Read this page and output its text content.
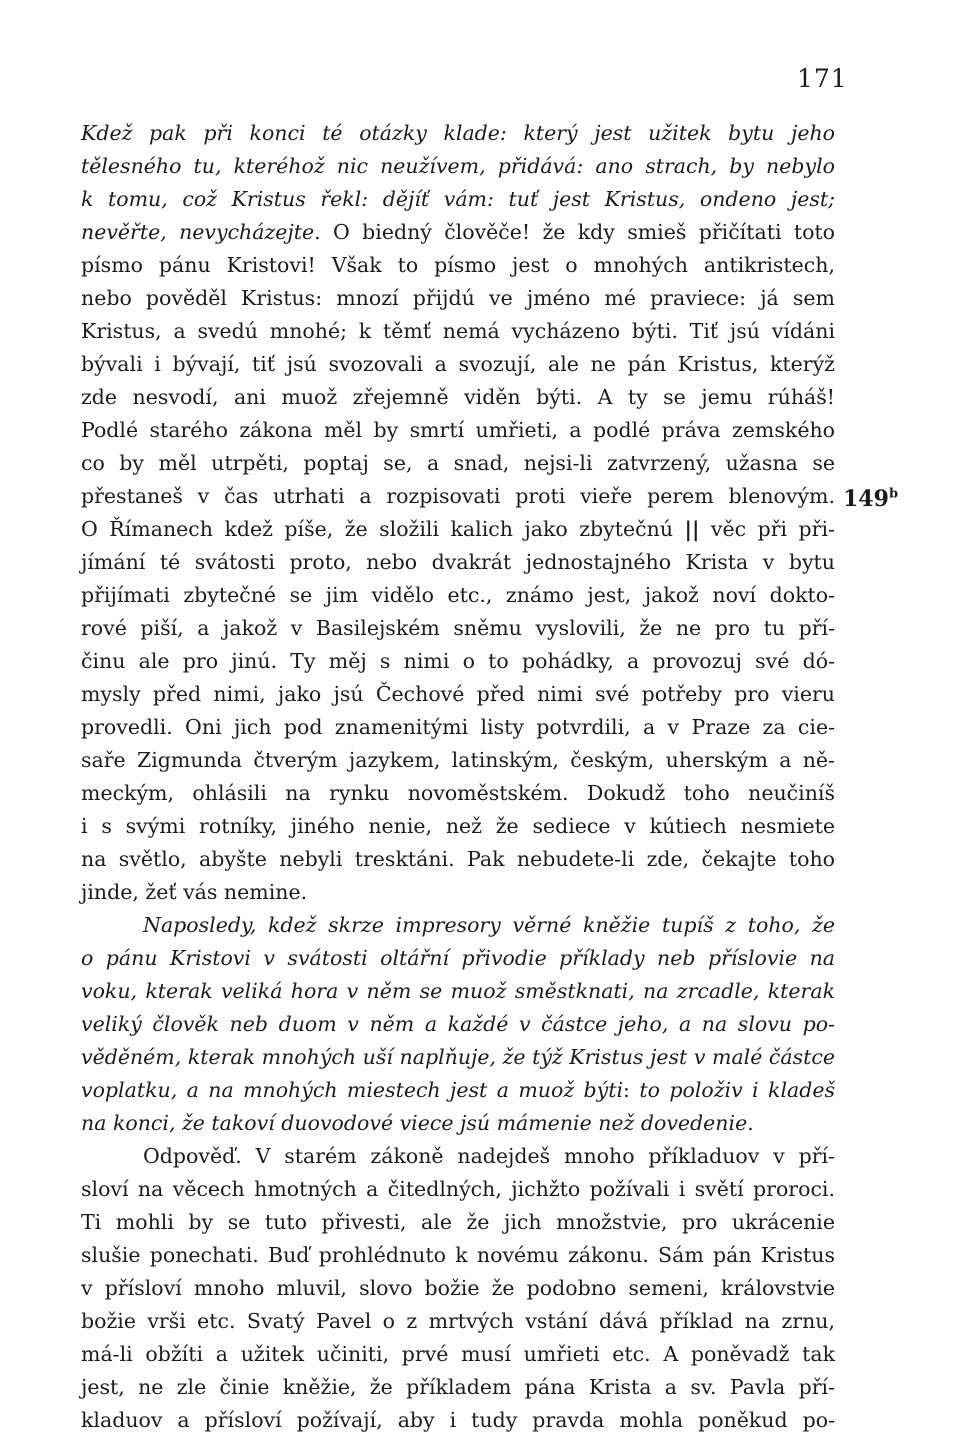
171
149$^b$
Kdež pak při konci té otázky klade: který jest užitek bytu jeho
tělesného tu, kteréhož nic neužívem, přidává: ano strach, by nebylo
k tomu, což Kristus řekl: dějíť vám: tuť jest Kristus, ondeno jest;
nevěřte, nevycházejte. O biedný člověče! že kdy smieš přičítati toto
písmo pánu Kristovi! Však to písmo jest o mnohých antikristech,
nebo pověděl Kristus: mnozí přijdú ve jméno mé praviece: já sem
Kristus, a svedú mnohé; k těmť nemá vycházeno býti. Tiť jsú vídáni
bývali i bývají, tiť jsú svozovali a svozují, ale ne pán Kristus, kterýž
zde nesvodí, ani muož zřejemně viděn býti. A ty se jemu rúháš!
Podlé starého zákona měl by smrtí umřieti, a podlé práva zemského
co by měl utrpěti, poptaj se, a snad, nejsi-li zatvrzený, užasna se
přestaneš v čas utrhati a rozpisovati proti vieře perem blenovým.
O Římanech kdež píše, že složili kalich jako zbytečnú || věc při při-
jímání té svátosti proto, nebo dvakrát jednostajného Krista v bytu
přijímati zbytečné se jim vidělo etc., známo jest, jakož noví dokto-
rové piší, a jakož v Basilejském sněmu vyslovili, že ne pro tu pří-
činu ale pro jinú. Ty měj s nimi o to pohádky, a provozuj své dó-
mysly před nimi, jako jsú Čechové před nimi své potřeby pro vieru
provedli. Oni jich pod znamenitými listy potvrdili, a v Praze za cie-
saře Zigmunda čtverým jazykem, latinským, českým, uherským a ně-
meckým, ohlásili na rynku novoměstském. Dokudž toho neučiníš
i s svými rotníky, jiného nenie, než že sediece v kútiech nesmiete
na světlo, abyšte nebyli tresktáni. Pak nebudete-li zde, čekajte toho
jinde, žeť vás nemine.
Naposledy, kdež skrze impresory věrné kněžie tupíš z toho, že
o pánu Kristovi v svátosti oltářní přivodie příklady neb příslovie na
voku, kterak veliká hora v něm se muož směstknati, na zrcadle, kterak
veliký člověk neb duom v něm a každé v částce jeho, a na slovu po-
věděném, kterak mnohých uší naplňuje, že týž Kristus jest v malé částce
voplatku, a na mnohých miestech jest a muož býti: to položiv i kladeš
na konci, že takoví duovodové viece jsú mámenie než dovedenie.
Odpověď. V starém zákoně nadejdeš mnoho příkladuov v pří-
sloví na věcech hmotných a čitedlných, jichžto požívali i světí proroci.
Ti mohli by se tuto přivesti, ale že jich množstvie, pro ukrácenie
slušie ponechati. Buď prohlédnuto k novému zákonu. Sám pán Kristus
v přísloví mnoho mluvil, slovo božie že podobno semeni, královstvie
božie vrši etc. Svatý Pavel o z mrtvých vstání dává příklad na zrnu,
má-li obžíti a užitek učiniti, prvé musí umřieti etc. A poněvadž tak
jest, ne zle činie kněžie, že příkladem pána Krista a sv. Pavla pří-
kladuov a přísloví požívají, aby i tudy pravda mohla poněkud po-
